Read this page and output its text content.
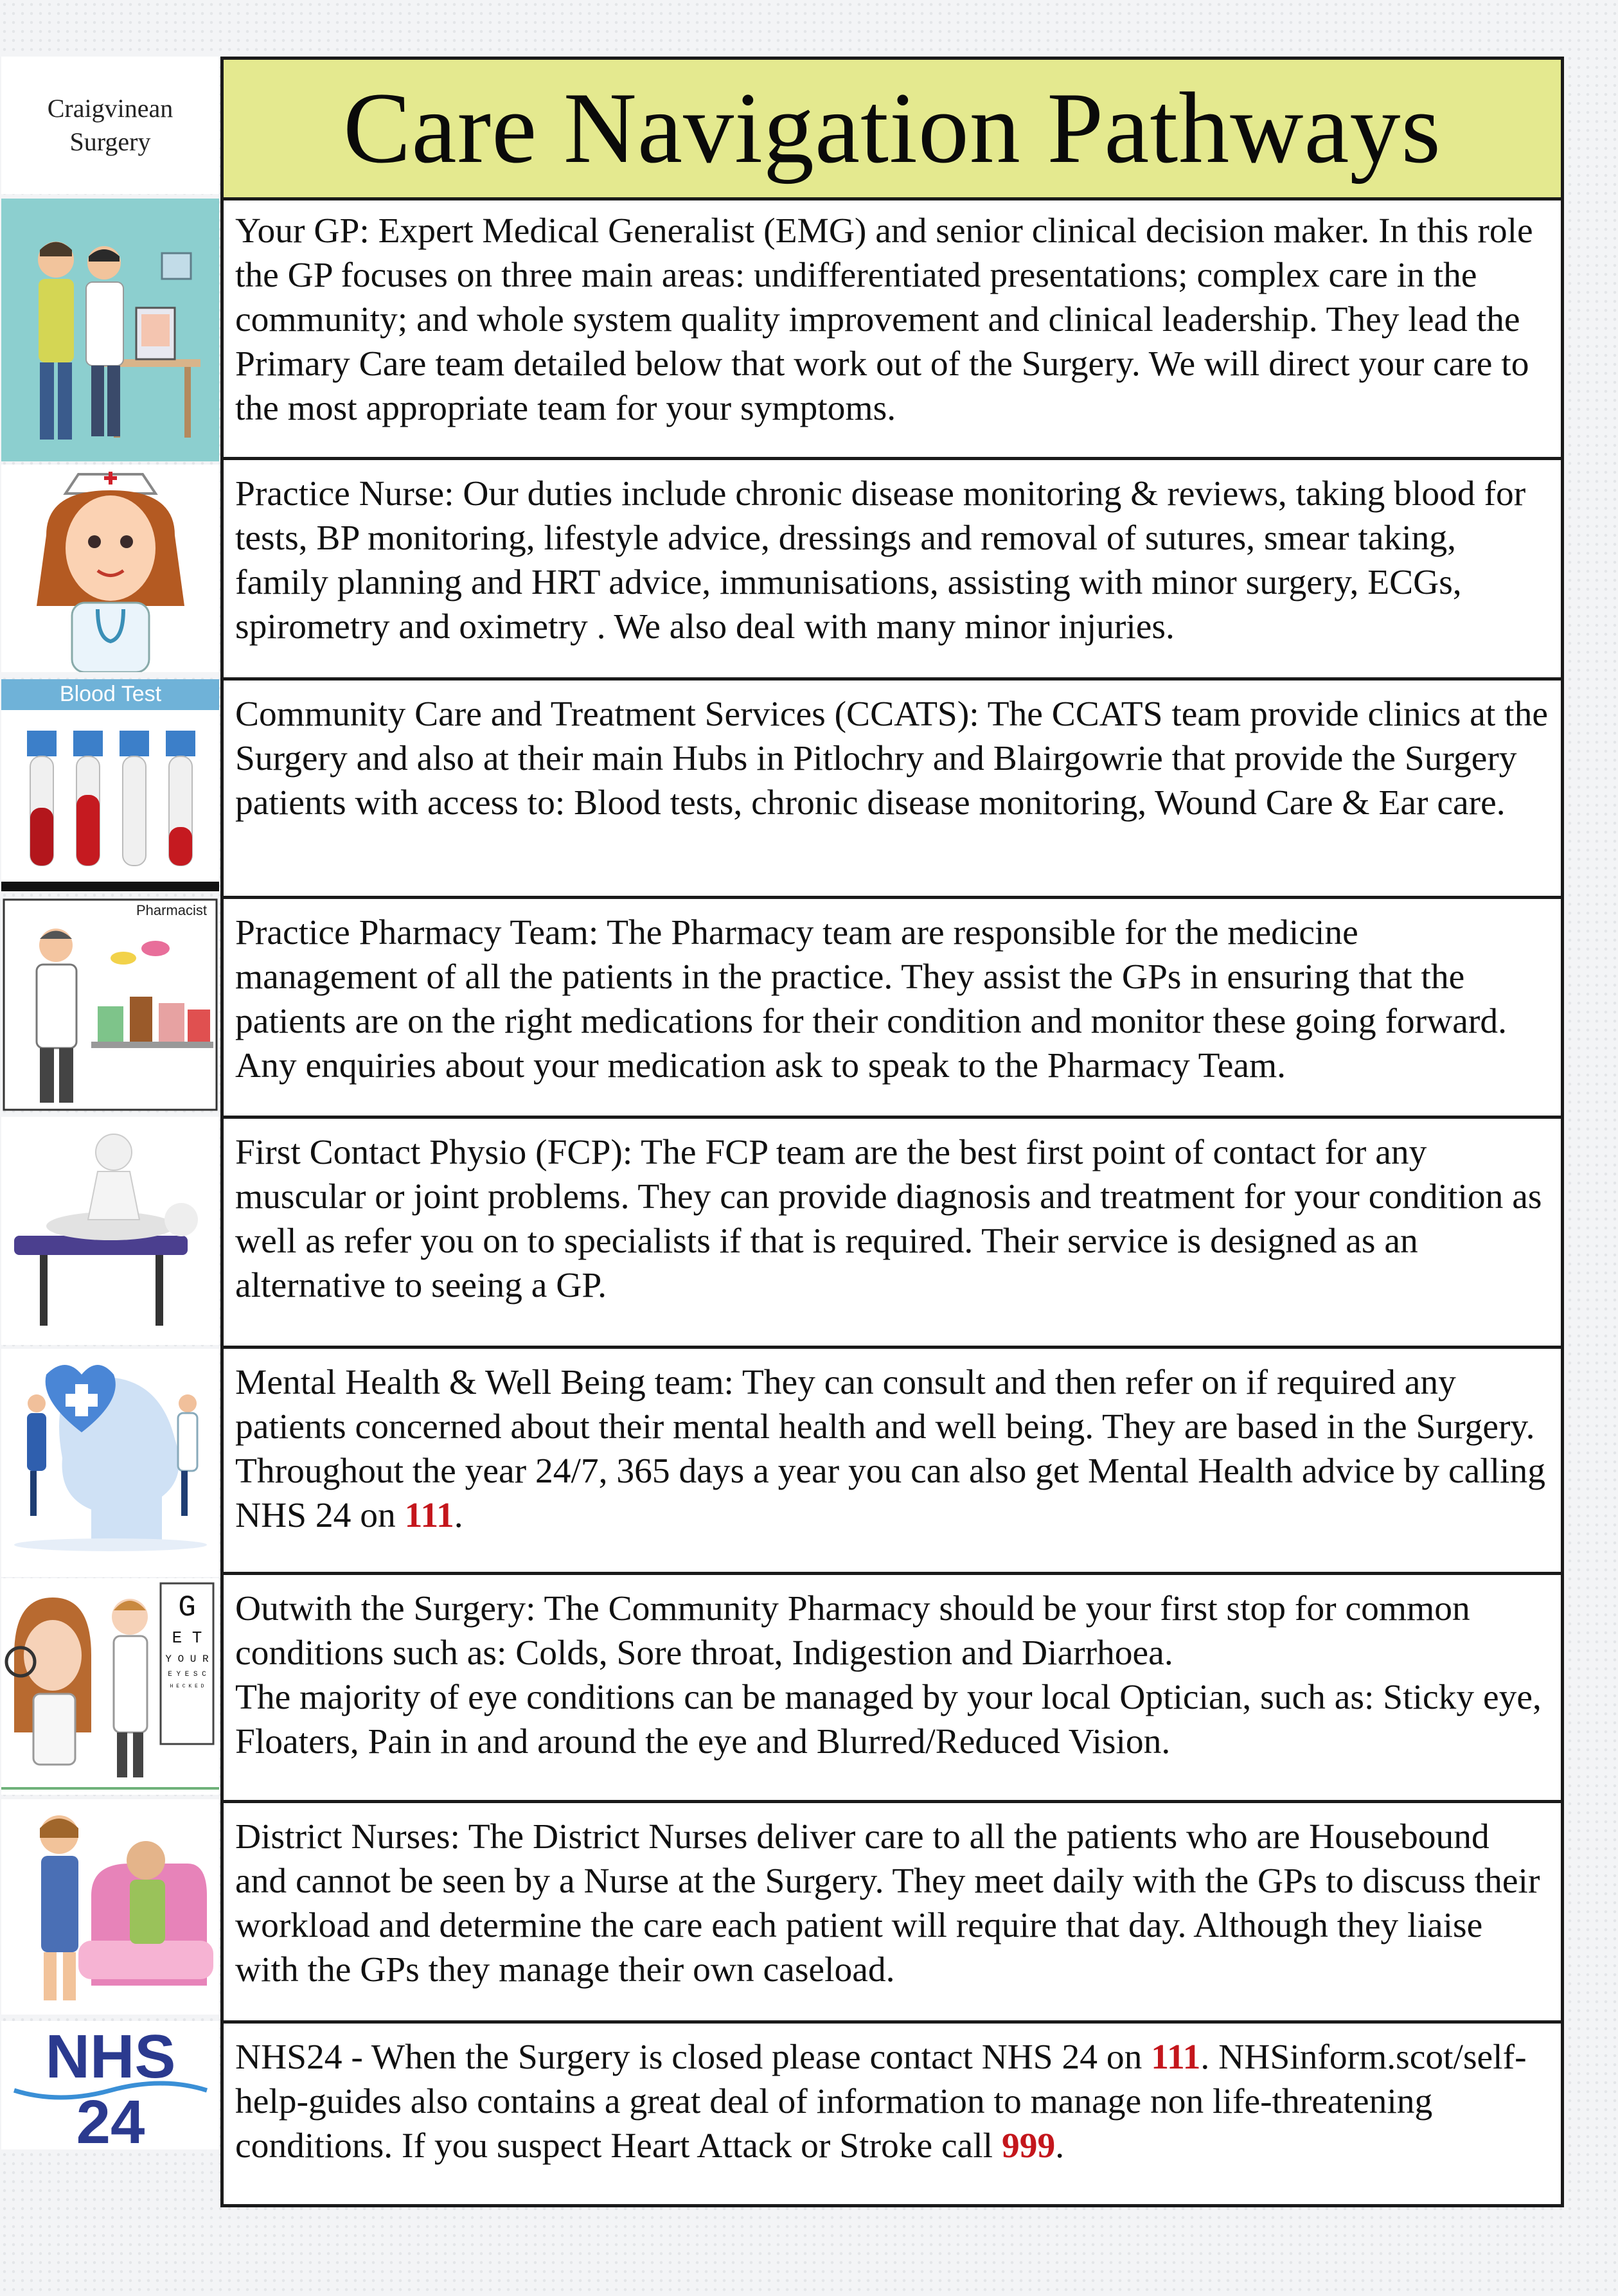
Craigvinean
Surgery
Blood Test
Pharmacist
G
E T
Y O U R
E Y E S C
H E C K E D
NHS
24
Care Navigation Pathways

Your GP: Expert Medical Generalist (EMG) and senior clinical decision maker. In this role the GP focuses on three main areas: undifferentiated presentations; complex care in the community; and whole system quality improvement and clinical leadership. They lead the Primary Care team detailed below that work out of the Surgery. We will direct your care to the most appropriate team for your symptoms.

Practice Nurse: Our duties include chronic disease monitoring & reviews, taking blood for tests, BP monitoring, lifestyle advice, dressings and removal of sutures, smear taking, family planning and HRT advice, immunisations, assisting with minor surgery, ECGs, spirometry and oximetry . We also deal with many minor injuries.

Community Care and Treatment Services (CCATS): The CCATS team provide clinics at the Surgery and also at their main Hubs in Pitlochry and Blairgowrie that provide the Surgery patients with access to: Blood tests, chronic disease monitoring, Wound Care & Ear care.

Practice Pharmacy Team: The Pharmacy team are responsible for the medicine management of all the patients in the practice. They assist the GPs in ensuring that the patients are on the right medications for their condition and monitor these going forward. Any enquiries about your medication ask to speak to the Pharmacy Team.

First Contact Physio (FCP): The FCP team are the best first point of contact for any muscular or joint problems. They can provide diagnosis and treatment for your condition as well as refer you on to specialists if that is required. Their service is designed as an alternative to seeing a GP.

Mental Health & Well Being team: They can consult and then refer on if required any patients concerned about their mental health and well being. They are based in the Surgery. Throughout the year 24/7, 365 days a year you can also get Mental Health advice by calling NHS 24 on 111.

Outwith the Surgery: The Community Pharmacy should be your first stop for common conditions such as: Colds, Sore throat, Indigestion and Diarrhoea.

The majority of eye conditions can be managed by your local Optician, such as: Sticky eye, Floaters, Pain in and around the eye and Blurred/Reduced Vision.

District Nurses: The District Nurses deliver care to all the patients who are Housebound and cannot be seen by a Nurse at the Surgery. They meet daily with the GPs to discuss their workload and determine the care each patient will require that day. Although they liaise with the GPs they manage their own caseload.

NHS24 - When the Surgery is closed please contact NHS 24 on 111. NHSinform.scot/self-help-guides also contains a great deal of information to manage non life-threatening conditions. If you suspect Heart Attack or Stroke call 999.
